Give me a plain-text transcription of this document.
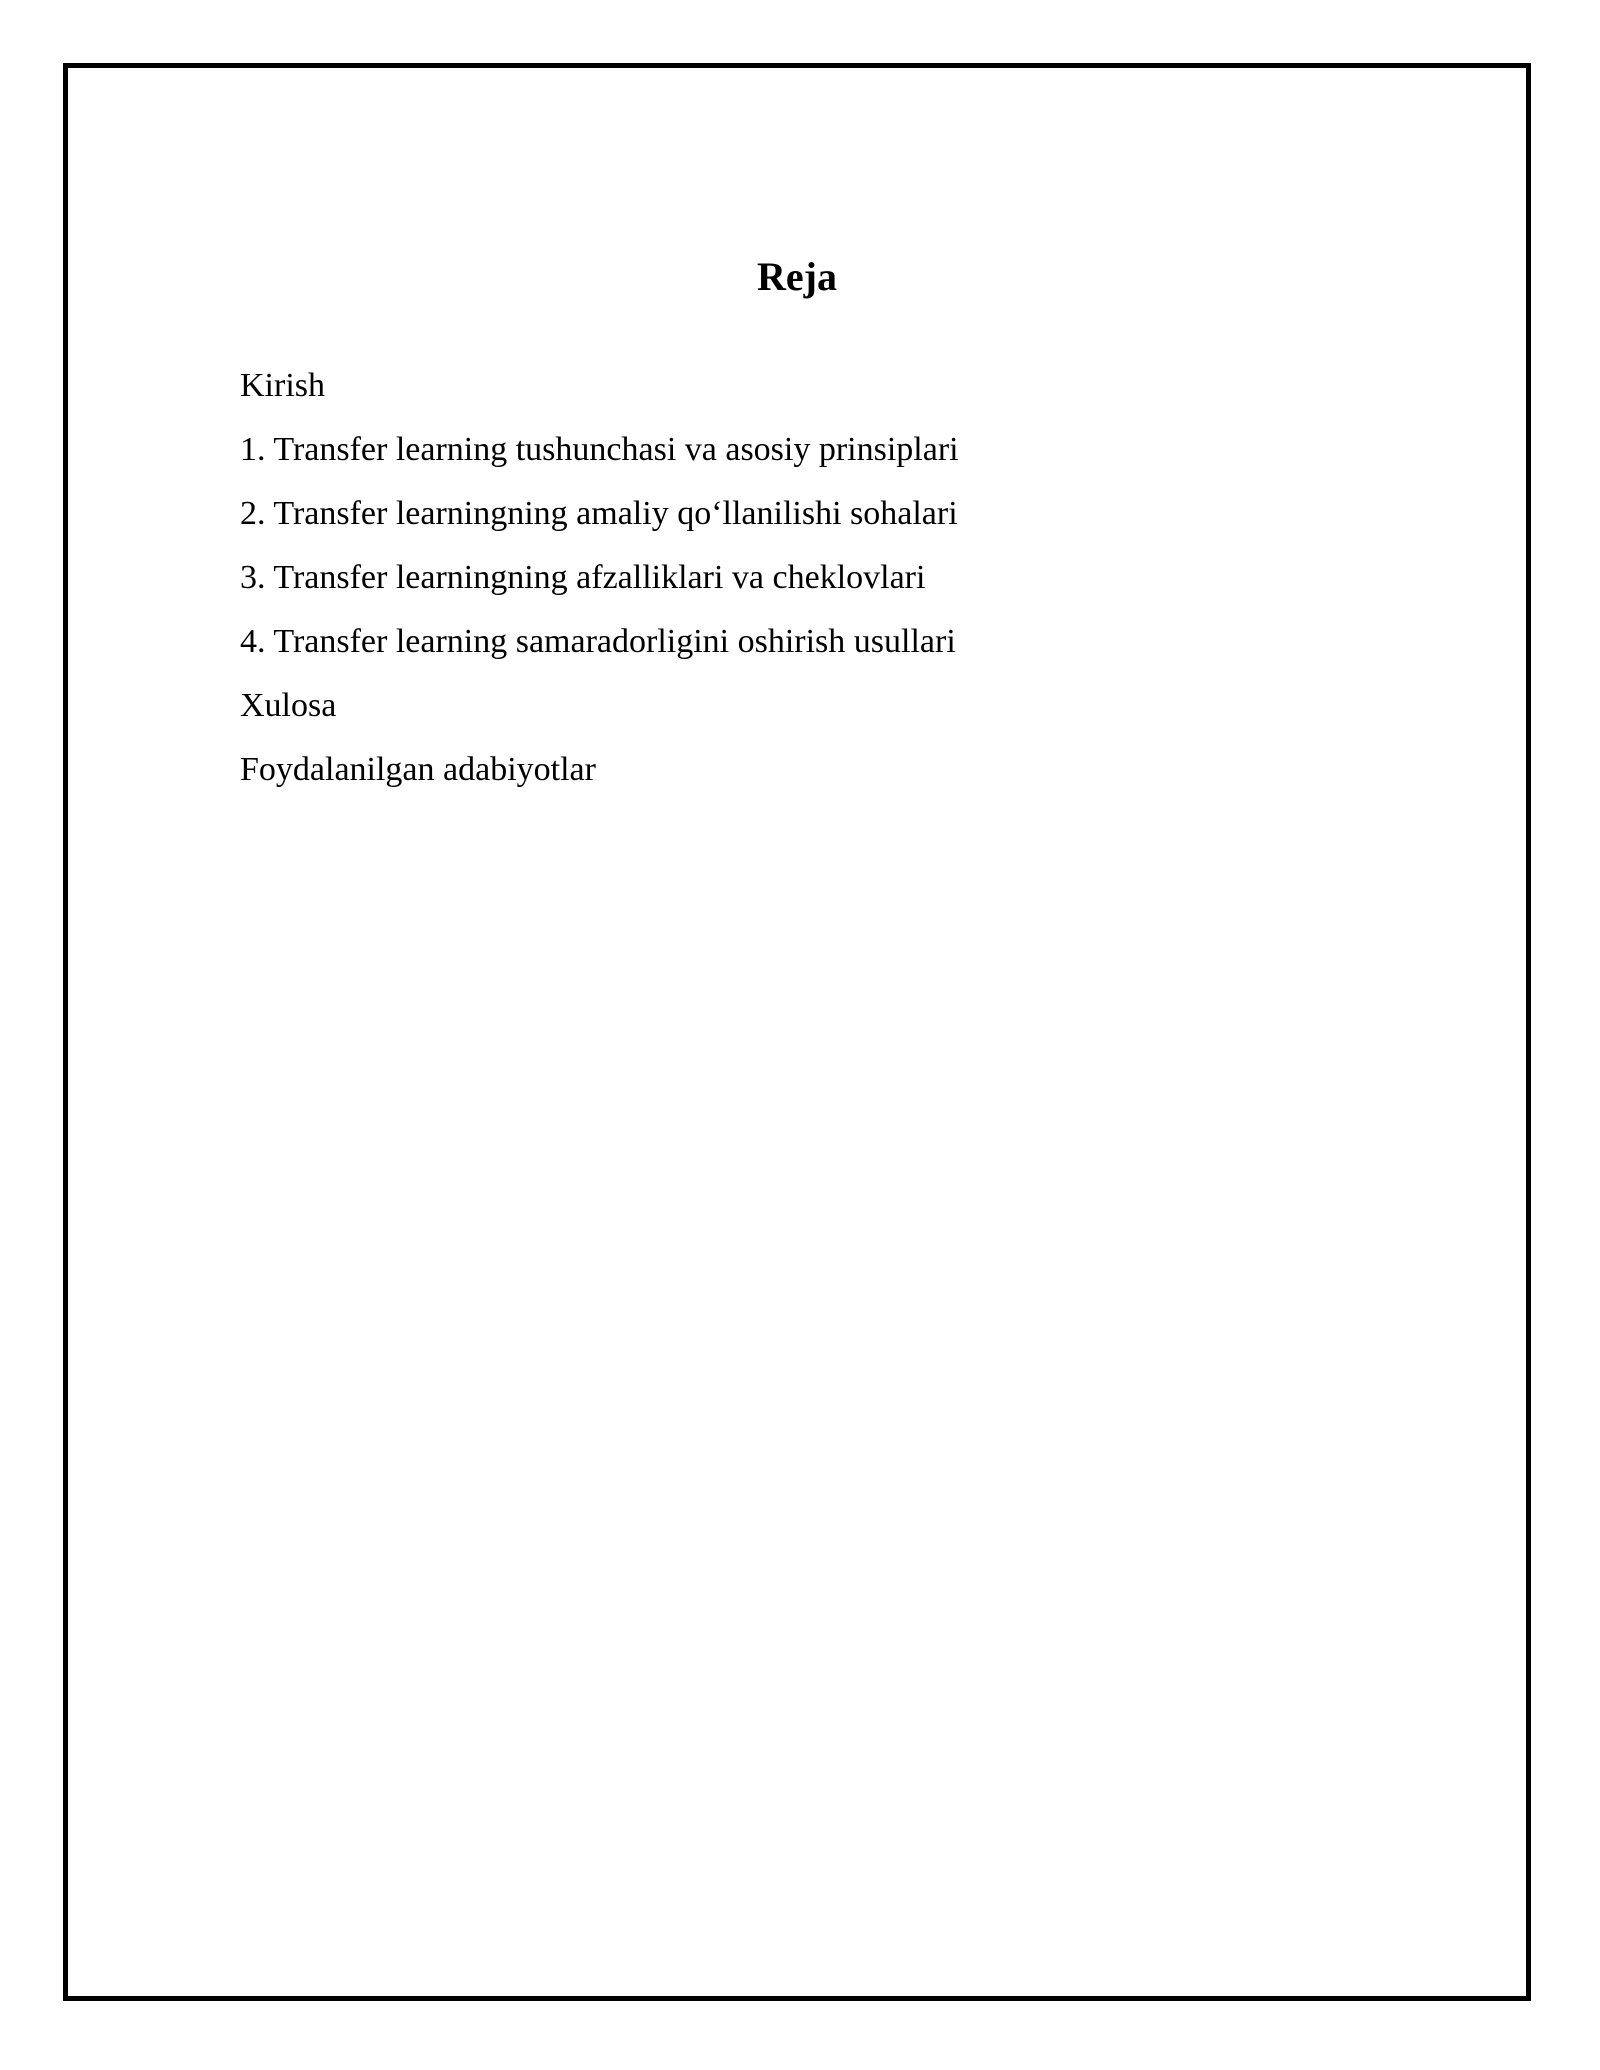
Reja
Kirish
1. Transfer learning tushunchasi va asosiy prinsiplari
2. Transfer learningning amaliy qo‘llanilishi sohalari
3. Transfer learningning afzalliklari va cheklovlari
4. Transfer learning samaradorligini oshirish usullari
Xulosa
Foydalanilgan adabiyotlar
